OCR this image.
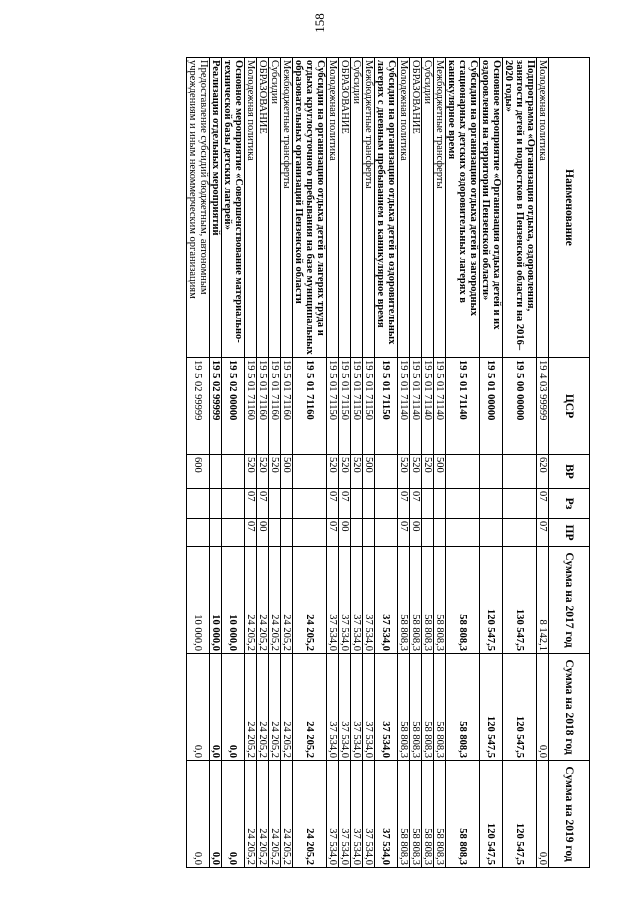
158
Наименование	ЦСР	ВР	Рз	ПР	Сумма на 2017 год	Сумма на 2018 год	Сумма на 2019 год
Молодежная политика	19 4 03 99999	620	07	07	8 142,1	0,0	0,0
Подпрограмма «Организация отдыха, оздоровления, занятости детей и подростков в Пензенской области на 2016–2020 годы»	19 5 00 00000				130 547,5	120 547,5	120 547,5
Основное мероприятие «Организация отдыха детей и их оздоровления на территории Пензенской области»	19 5 01 00000				120 547,5	120 547,5	120 547,5
Субсидии на организацию отдыха детей в загородных стационарных детских оздоровительных лагерях в каникулярное время	19 5 01 71140				58 808,3	58 808,3	58 808,3
Межбюджетные трансферты	19 5 01 71140	500			58 808,3	58 808,3	58 808,3
Субсидии	19 5 01 71140	520			58 808,3	58 808,3	58 808,3
ОБРАЗОВАНИЕ	19 5 01 71140	520	07	00	58 808,3	58 808,3	58 808,3
Молодежная политика	19 5 01 71140	520	07	07	58 808,3	58 808,3	58 808,3
Субсидии на организацию отдыха детей в оздоровительных лагерях с дневным пребыванием в каникулярное время	19 5 01 71150				37 534,0	37 534,0	37 534,0
Межбюджетные трансферты	19 5 01 71150	500			37 534,0	37 534,0	37 534,0
Субсидии	19 5 01 71150	520			37 534,0	37 534,0	37 534,0
ОБРАЗОВАНИЕ	19 5 01 71150	520	07	00	37 534,0	37 534,0	37 534,0
Молодежная политика	19 5 01 71150	520	07	07	37 534,0	37 534,0	37 534,0
Субсидии на организацию отдыха детей в лагерях труда и отдыха круглосуточного пребывания на базе муниципальных образовательных организаций Пензенской области	19 5 01 71160				24 205,2	24 205,2	24 205,2
Межбюджетные трансферты	19 5 01 71160	500			24 205,2	24 205,2	24 205,2
Субсидии	19 5 01 71160	520			24 205,2	24 205,2	24 205,2
ОБРАЗОВАНИЕ	19 5 01 71160	520	07	00	24 205,2	24 205,2	24 205,2
Молодежная политика	19 5 01 71160	520	07	07	24 205,2	24 205,2	24 205,2
Основное мероприятие «Совершенствование материально-технической базы детских лагерей»	19 5 02 00000				10 000,0	0,0	0,0
Реализация отдельных мероприятий	19 5 02 99999				10 000,0	0,0	0,0
Предоставление субсидий бюджетным, автономным учреждениям и иным некоммерческим организациям	19 5 02 99999	600			10 000,0	0,0	0,0
